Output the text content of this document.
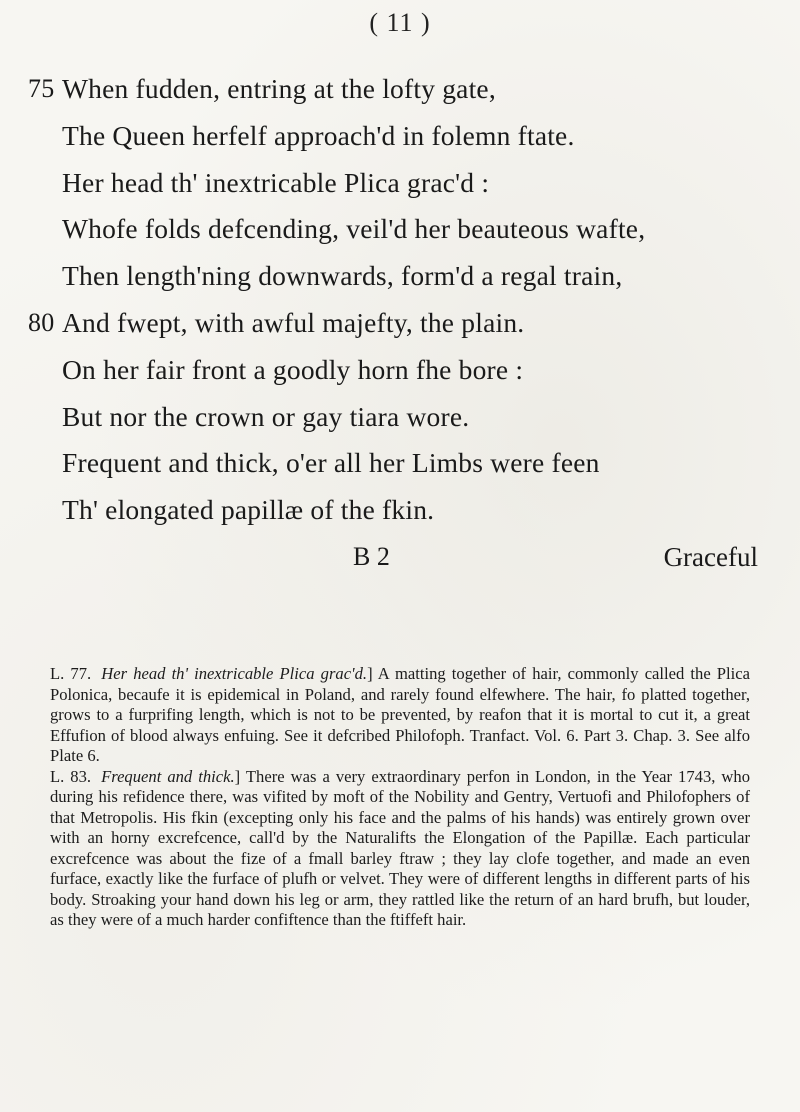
( 11 )
75 When fudden, entring at the lofty gate,
The Queen herfelf approach'd in folemn ftate.
Her head th' inextricable Plica grac'd :
Whofe folds defcending, veil'd her beauteous wafte,
Then length'ning downwards, form'd a regal train,
80 And fwept, with awful majefty, the plain.
On her fair front a goodly horn fhe bore :
But nor the crown or gay tiara wore.
Frequent and thick, o'er all her Limbs were feen
Th' elongated papillæ of the fkin.
B 2	Graceful

L. 77. Her head th' inextricable Plica grac'd.] A matting together of hair, commonly called the Plica Polonica, becaufe it is epidemical in Poland, and rarely found elfewhere. The hair, fo platted together, grows to a furprifing length, which is not to be prevented, by reafon that it is mortal to cut it, a great Effufion of blood always enfuing. See it defcribed Philofoph. Tranfact. Vol. 6. Part 3. Chap. 3. See alfo Plate 6.

L. 83. Frequent and thick.] There was a very extraordinary perfon in London, in the Year 1743, who during his refidence there, was vifited by moft of the Nobility and Gentry, Vertuofi and Philofophers of that Metropolis. His fkin (excepting only his face and the palms of his hands) was entirely grown over with an horny excrefcence, call'd by the Naturalifts the Elongation of the Papillæ. Each particular excrefcence was about the fize of a fmall barley ftraw ; they lay clofe together, and made an even furface, exactly like the furface of plufh or velvet. They were of different lengths in different parts of his body. Stroaking your hand down his leg or arm, they rattled like the return of an hard brufh, but louder, as they were of a much harder confiftence than the ftiffeft hair.
